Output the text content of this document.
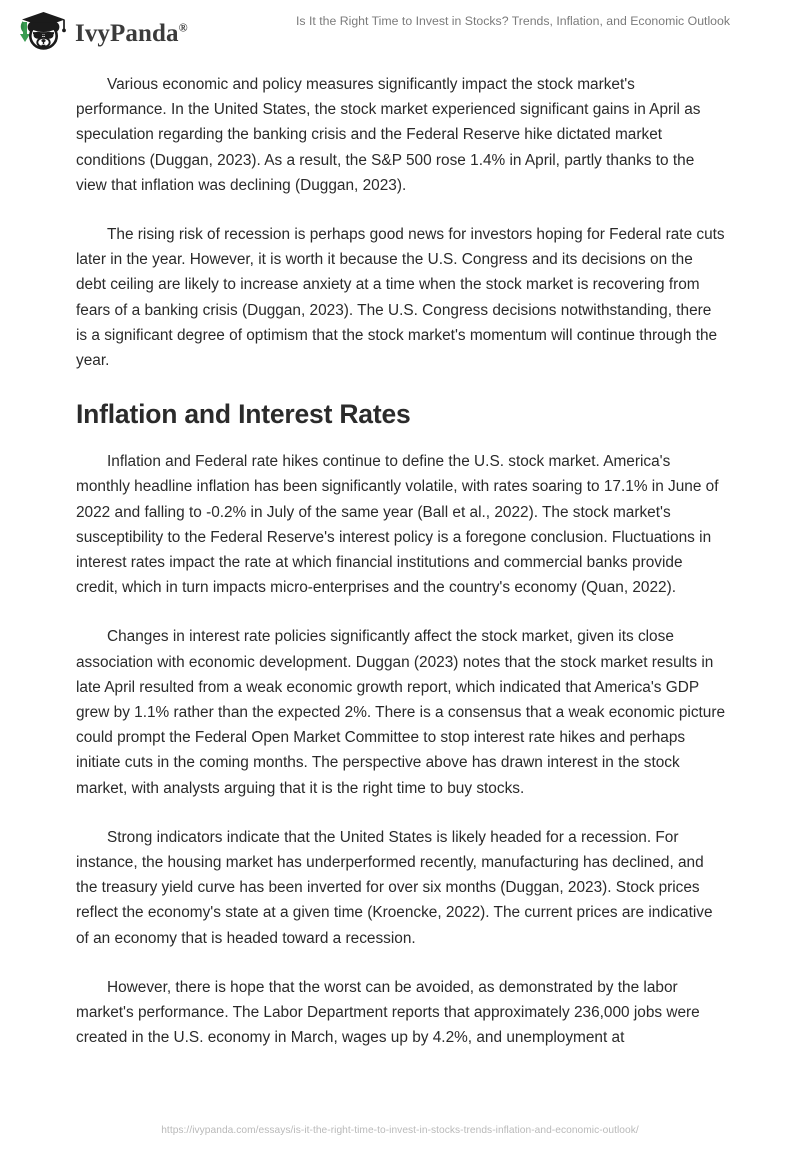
IvyPanda®	Is It the Right Time to Invest in Stocks? Trends, Inflation, and Economic Outlook

Various economic and policy measures significantly impact the stock market's performance. In the United States, the stock market experienced significant gains in April as speculation regarding the banking crisis and the Federal Reserve hike dictated market conditions (Duggan, 2023). As a result, the S&P 500 rose 1.4% in April, partly thanks to the view that inflation was declining (Duggan, 2023).

The rising risk of recession is perhaps good news for investors hoping for Federal rate cuts later in the year. However, it is worth it because the U.S. Congress and its decisions on the debt ceiling are likely to increase anxiety at a time when the stock market is recovering from fears of a banking crisis (Duggan, 2023). The U.S. Congress decisions notwithstanding, there is a significant degree of optimism that the stock market's momentum will continue through the year.

Inflation and Interest Rates

Inflation and Federal rate hikes continue to define the U.S. stock market. America's monthly headline inflation has been significantly volatile, with rates soaring to 17.1% in June of 2022 and falling to -0.2% in July of the same year (Ball et al., 2022). The stock market's susceptibility to the Federal Reserve's interest policy is a foregone conclusion. Fluctuations in interest rates impact the rate at which financial institutions and commercial banks provide credit, which in turn impacts micro-enterprises and the country's economy (Quan, 2022).

Changes in interest rate policies significantly affect the stock market, given its close association with economic development. Duggan (2023) notes that the stock market results in late April resulted from a weak economic growth report, which indicated that America's GDP grew by 1.1% rather than the expected 2%. There is a consensus that a weak economic picture could prompt the Federal Open Market Committee to stop interest rate hikes and perhaps initiate cuts in the coming months. The perspective above has drawn interest in the stock market, with analysts arguing that it is the right time to buy stocks.

Strong indicators indicate that the United States is likely headed for a recession. For instance, the housing market has underperformed recently, manufacturing has declined, and the treasury yield curve has been inverted for over six months (Duggan, 2023). Stock prices reflect the economy's state at a given time (Kroencke, 2022). The current prices are indicative of an economy that is headed toward a recession.

However, there is hope that the worst can be avoided, as demonstrated by the labor market's performance. The Labor Department reports that approximately 236,000 jobs were created in the U.S. economy in March, wages up by 4.2%, and unemployment at

https://ivypanda.com/essays/is-it-the-right-time-to-invest-in-stocks-trends-inflation-and-economic-outlook/
